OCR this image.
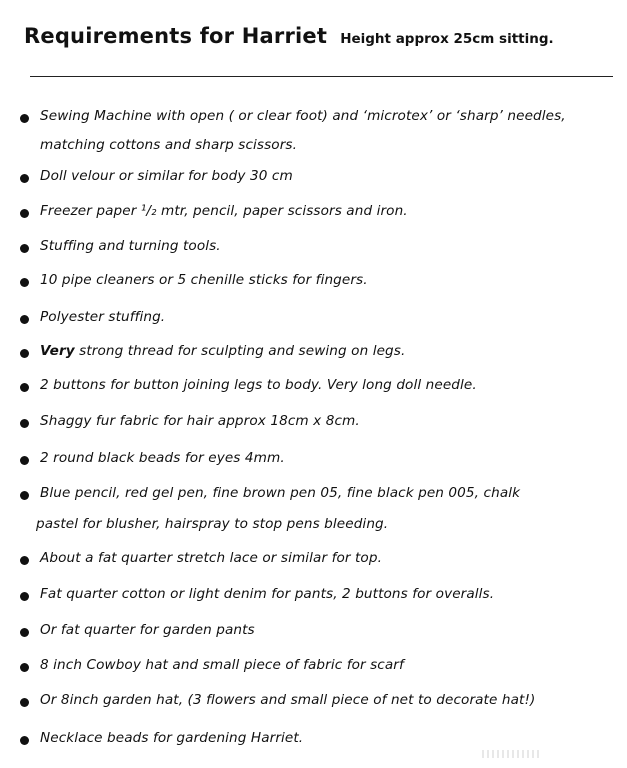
Requirements for Harriet Height approx 25cm sitting.
Sewing Machine with open ( or clear foot) and ‘microtex’ or ‘sharp’ needles,
matching cottons and sharp scissors.
Doll velour or similar for body 30 cm
Freezer paper ¹/₂ mtr, pencil, paper scissors and iron.
Stuffing and turning tools.
10 pipe cleaners or 5 chenille sticks for fingers.
Polyester stuffing.
Very strong thread for sculpting and sewing on legs.
2 buttons for button joining legs to body. Very long doll needle.
Shaggy fur fabric for hair approx 18cm x 8cm.
2 round black beads for eyes 4mm.
Blue pencil, red gel pen, fine brown pen 05, fine black pen 005, chalk
pastel for blusher, hairspray to stop pens bleeding.
About a fat quarter stretch lace or similar for top.
Fat quarter cotton or light denim for pants, 2 buttons for overalls.
Or fat quarter for garden pants
8 inch Cowboy hat and small piece of fabric for scarf
Or 8inch garden hat, (3 flowers and small piece of net to decorate hat!)
Necklace beads for gardening Harriet.
